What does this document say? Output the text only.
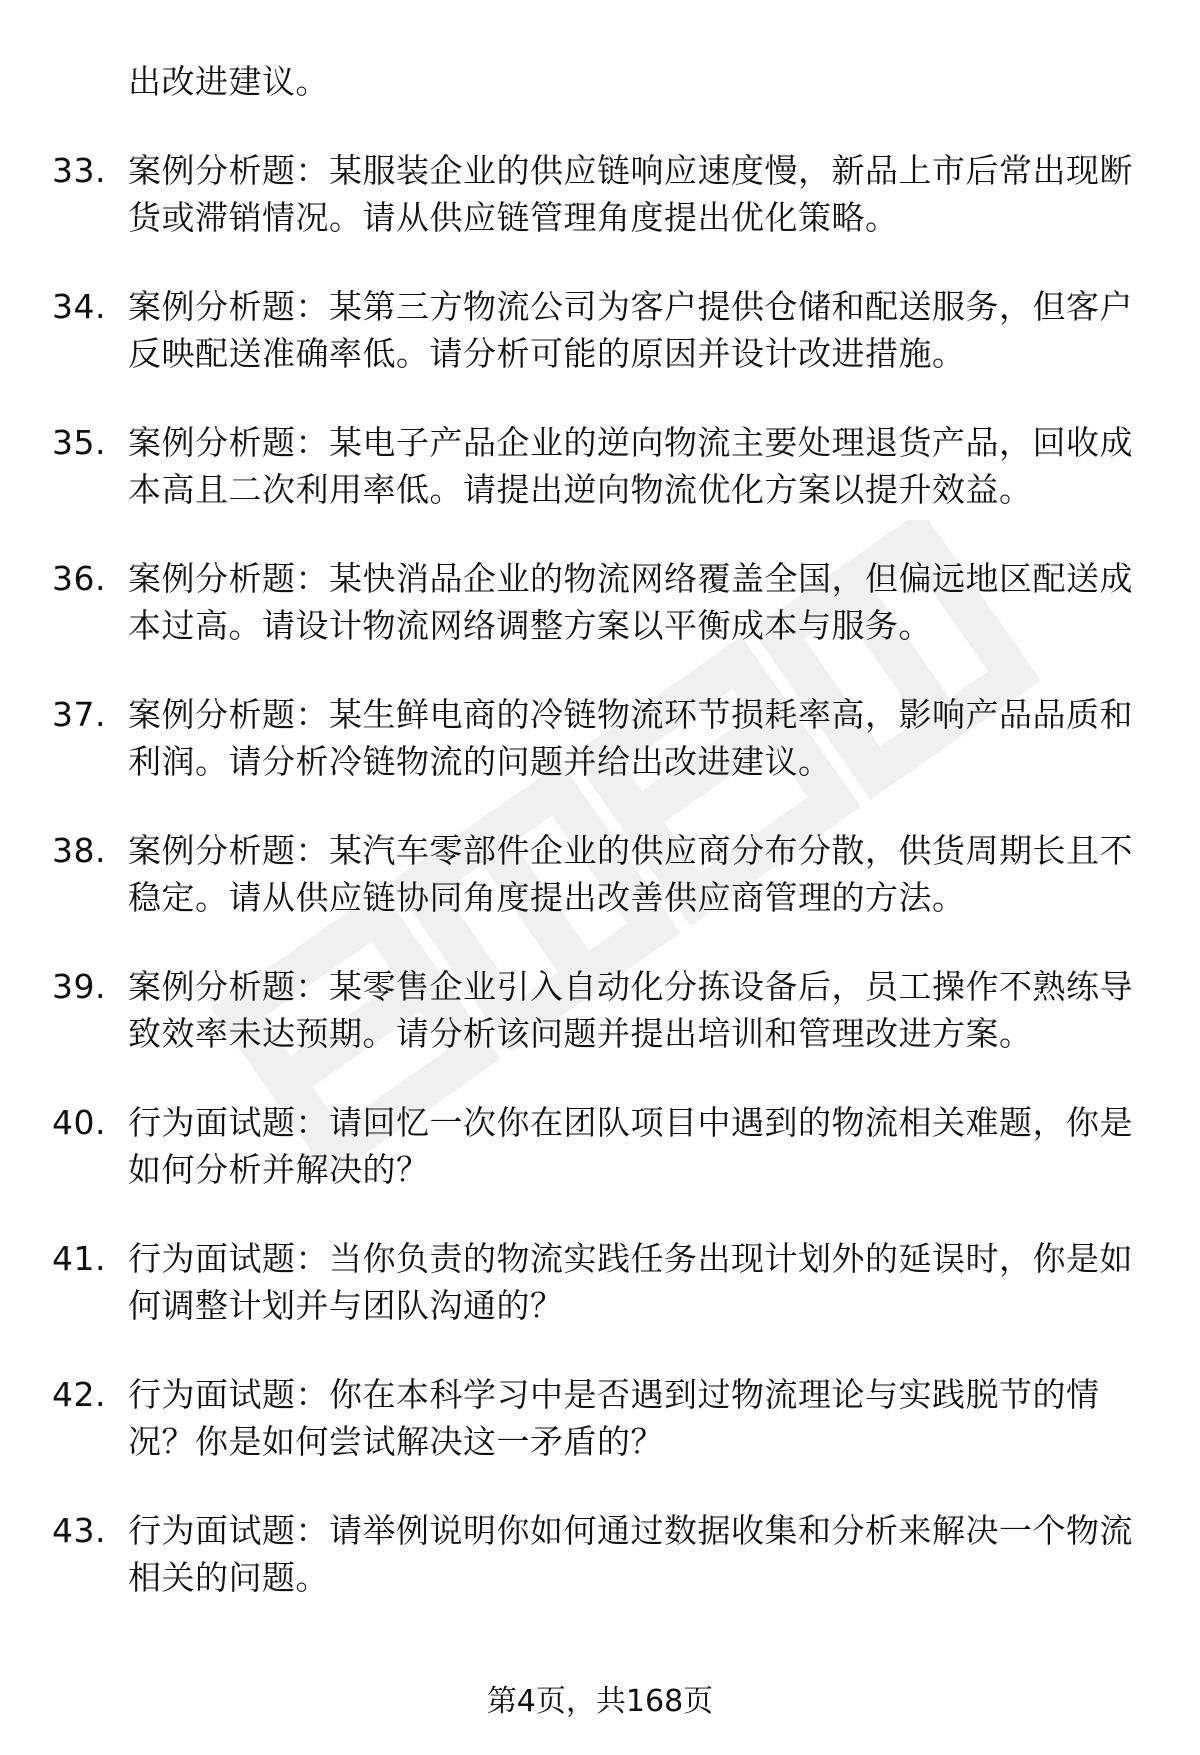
出改进建议。
33. 案例分析题：某服装企业的供应链响应速度慢，新品上市后常出现断货或滞销情况。请从供应链管理角度提出优化策略。
34. 案例分析题：某第三方物流公司为客户提供仓储和配送服务，但客户反映配送准确率低。请分析可能的原因并设计改进措施。
35. 案例分析题：某电子产品企业的逆向物流主要处理退货产品，回收成本高且二次利用率低。请提出逆向物流优化方案以提升效益。
36. 案例分析题：某快消品企业的物流网络覆盖全国，但偏远地区配送成本过高。请设计物流网络调整方案以平衡成本与服务。
37. 案例分析题：某生鲜电商的冷链物流环节损耗率高，影响产品品质和利润。请分析冷链物流的问题并给出改进建议。
38. 案例分析题：某汽车零部件企业的供应商分布分散，供货周期长且不稳定。请从供应链协同角度提出改善供应商管理的方法。
39. 案例分析题：某零售企业引入自动化分拣设备后，员工操作不熟练导致效率未达预期。请分析该问题并提出培训和管理改进方案。
40. 行为面试题：请回忆一次你在团队项目中遇到的物流相关难题，你是如何分析并解决的？
41. 行为面试题：当你负责的物流实践任务出现计划外的延误时，你是如何调整计划并与团队沟通的？
42. 行为面试题：你在本科学习中是否遇到过物流理论与实践脱节的情况？你是如何尝试解决这一矛盾的？
43. 行为面试题：请举例说明你如何通过数据收集和分析来解决一个物流相关的问题。
第4页，共168页
